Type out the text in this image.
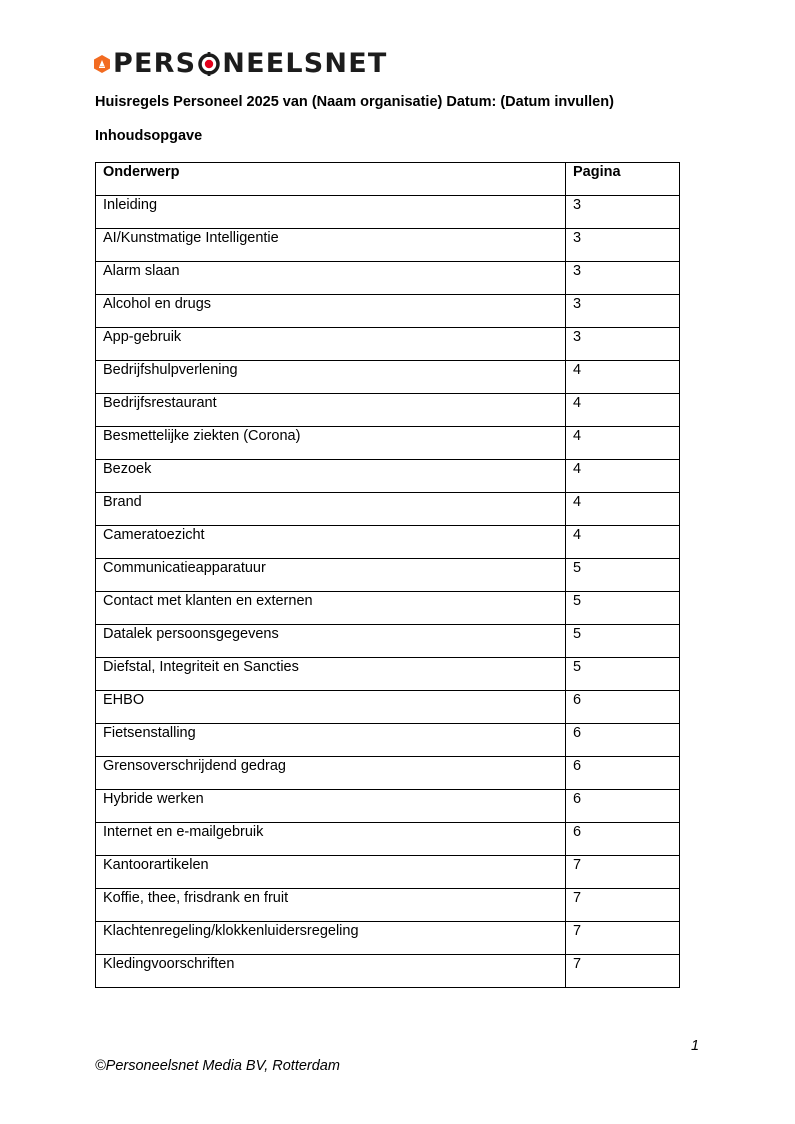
PERS NEELSNET
Huisregels Personeel 2025 van (Naam organisatie) Datum: (Datum invullen)
Inhoudsopgave
Onderwerp	Pagina
Inleiding	3
AI/Kunstmatige Intelligentie	3
Alarm slaan	3
Alcohol en drugs	3
App-gebruik	3
Bedrijfshulpverlening	4
Bedrijfsrestaurant	4
Besmettelijke ziekten (Corona)	4
Bezoek	4
Brand	4
Cameratoezicht	4
Communicatieapparatuur	5
Contact met klanten en externen	5
Datalek persoonsgegevens	5
Diefstal, Integriteit en Sancties	5
EHBO	6
Fietsenstalling	6
Grensoverschrijdend gedrag	6
Hybride werken	6
Internet en e-mailgebruik	6
Kantoorartikelen	7
Koffie, thee, frisdrank en fruit	7
Klachtenregeling/klokkenluidersregeling	7
Kledingvoorschriften	7
1
©Personeelsnet Media BV, Rotterdam
